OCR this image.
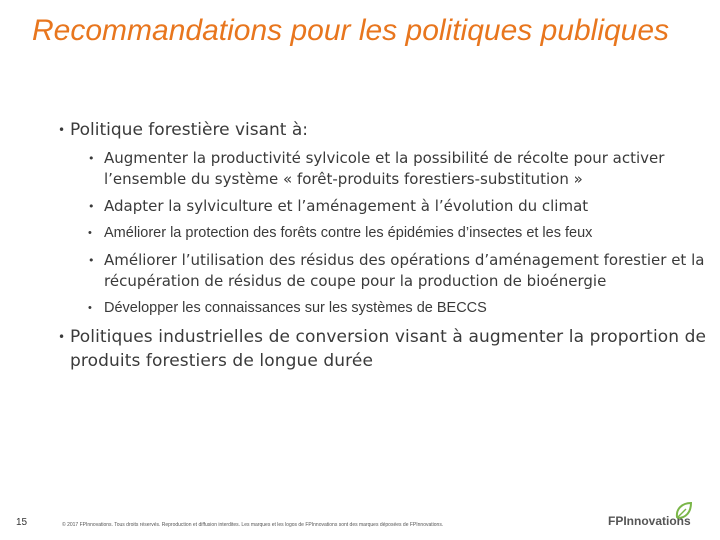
Recommandations pour les politiques publiques
• Politique forestière visant à:
• Augmenter la productivité sylvicole et la possibilité de récolte pour activer l’ensemble du système « forêt-produits forestiers-substitution »
• Adapter la sylviculture et l’aménagement à l’évolution du climat
• Améliorer la protection des forêts contre les épidémies d’insectes et les feux
• Améliorer l’utilisation des résidus des opérations d’aménagement forestier et la récupération de résidus de coupe pour la production de bioénergie
• Développer les connaissances sur les systèmes de BECCS
• Politiques industrielles de conversion visant à augmenter la proportion de produits forestiers de longue durée
15	© 2017 FPInnovations. Tous droits réservés. Reproduction et diffusion interdites. Les marques et les logos de FPInnovations sont des marques déposées de FPInnovations.	FPInnovations
